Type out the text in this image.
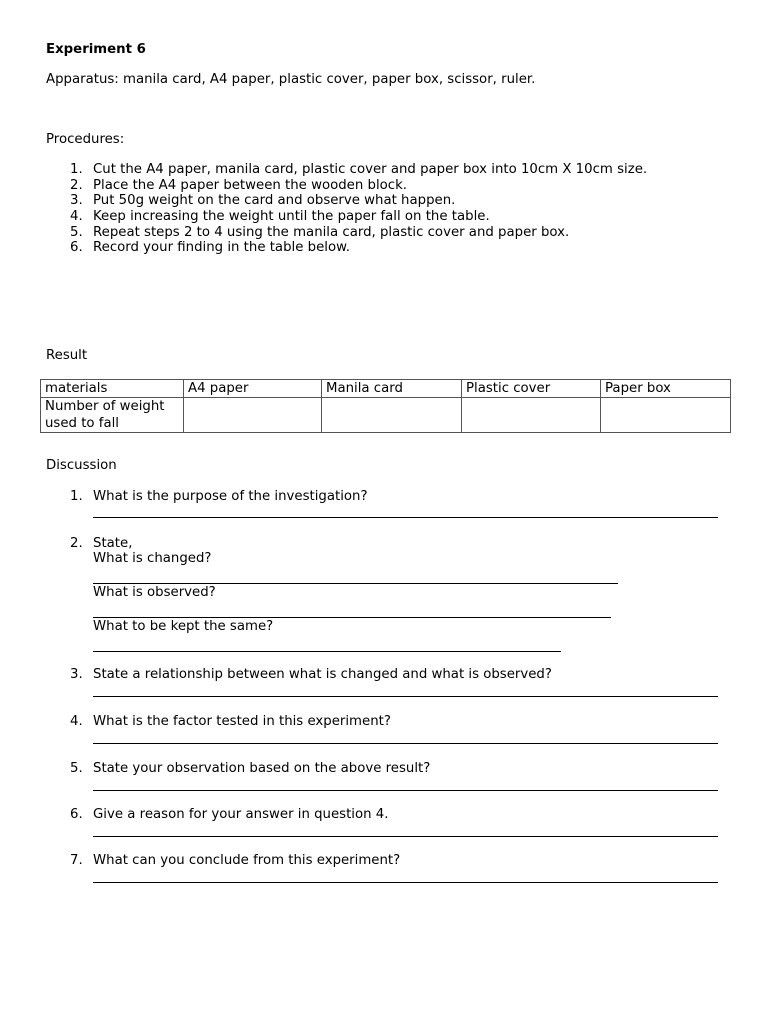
Experiment 6
Apparatus: manila card, A4 paper, plastic cover, paper box, scissor, ruler.
Procedures:
1. Cut the A4 paper, manila card, plastic cover and paper box into 10cm X 10cm size.
2. Place the A4 paper between the wooden block.
3. Put 50g weight on the card and observe what happen.
4. Keep increasing the weight until the paper fall on the table.
5. Repeat steps 2 to 4 using the manila card, plastic cover and paper box.
6. Record your finding in the table below.
Result
materials	A4 paper	Manila card	Plastic cover	Paper box
Number of weight used to fall				
Discussion
1. What is the purpose of the investigation?
2. State,
What is changed?
What is observed?
What to be kept the same?
3. State a relationship between what is changed and what is observed?
4. What is the factor tested in this experiment?
5. State your observation based on the above result?
6. Give a reason for your answer in question 4.
7. What can you conclude from this experiment?
